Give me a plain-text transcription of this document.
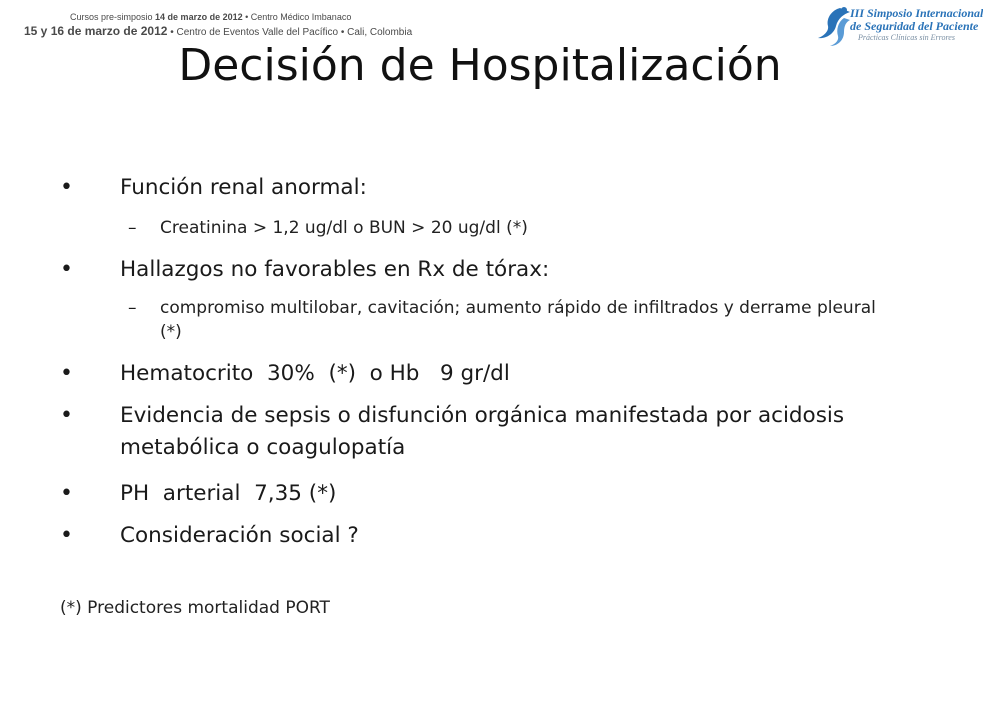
Cursos pre-simposio 14 de marzo de 2012 • Centro Médico Imbanaco
15 y 16 de marzo de 2012 • Centro de Eventos Valle del Pacífico • Cali, Colombia
III Simposio Internacional
de Seguridad del Paciente
Prácticas Clínicas sin Errores
Decisión de Hospitalización
• Función renal anormal:
– Creatinina > 1,2 ug/dl o BUN > 20 ug/dl (*)
• Hallazgos no favorables en Rx de tórax:
– compromiso multilobar, cavitación; aumento rápido de infiltrados y derrame pleural (*)
• Hematocrito  30%  (*)  o Hb   9 gr/dl
• Evidencia de sepsis o disfunción orgánica manifestada por acidosis metabólica o coagulopatía
• PH  arterial  7,35 (*)
• Consideración social ?
(*) Predictores mortalidad PORT
